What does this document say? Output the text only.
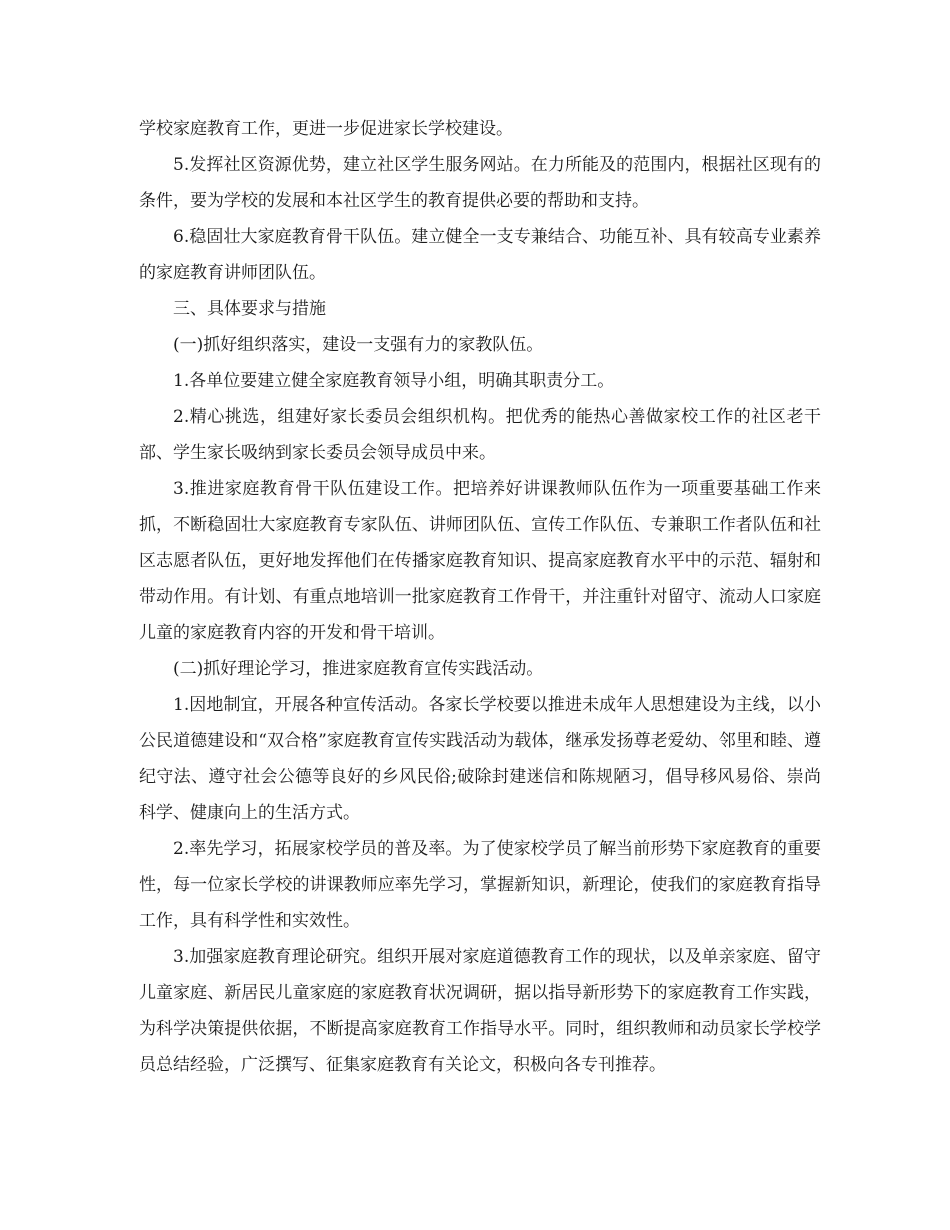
学校家庭教育工作，更进一步促进家长学校建设。

5.发挥社区资源优势，建立社区学生服务网站。在力所能及的范围内，根据社区现有的条件，要为学校的发展和本社区学生的教育提供必要的帮助和支持。

6.稳固壮大家庭教育骨干队伍。建立健全一支专兼结合、功能互补、具有较高专业素养的家庭教育讲师团队伍。

三、具体要求与措施

(一)抓好组织落实，建设一支强有力的家教队伍。

1.各单位要建立健全家庭教育领导小组，明确其职责分工。

2.精心挑选，组建好家长委员会组织机构。把优秀的能热心善做家校工作的社区老干部、学生家长吸纳到家长委员会领导成员中来。

3.推进家庭教育骨干队伍建设工作。把培养好讲课教师队伍作为一项重要基础工作来抓，不断稳固壮大家庭教育专家队伍、讲师团队伍、宣传工作队伍、专兼职工作者队伍和社区志愿者队伍，更好地发挥他们在传播家庭教育知识、提高家庭教育水平中的示范、辐射和带动作用。有计划、有重点地培训一批家庭教育工作骨干，并注重针对留守、流动人口家庭儿童的家庭教育内容的开发和骨干培训。

(二)抓好理论学习，推进家庭教育宣传实践活动。

1.因地制宜，开展各种宣传活动。各家长学校要以推进未成年人思想建设为主线，以小公民道德建设和“双合格”家庭教育宣传实践活动为载体，继承发扬尊老爱幼、邻里和睦、遵纪守法、遵守社会公德等良好的乡风民俗;破除封建迷信和陈规陋习，倡导移风易俗、崇尚科学、健康向上的生活方式。

2.率先学习，拓展家校学员的普及率。为了使家校学员了解当前形势下家庭教育的重要性，每一位家长学校的讲课教师应率先学习，掌握新知识，新理论，使我们的家庭教育指导工作，具有科学性和实效性。

3.加强家庭教育理论研究。组织开展对家庭道德教育工作的现状，以及单亲家庭、留守儿童家庭、新居民儿童家庭的家庭教育状况调研，据以指导新形势下的家庭教育工作实践，为科学决策提供依据，不断提高家庭教育工作指导水平。同时，组织教师和动员家长学校学员总结经验，广泛撰写、征集家庭教育有关论文，积极向各专刊推荐。
